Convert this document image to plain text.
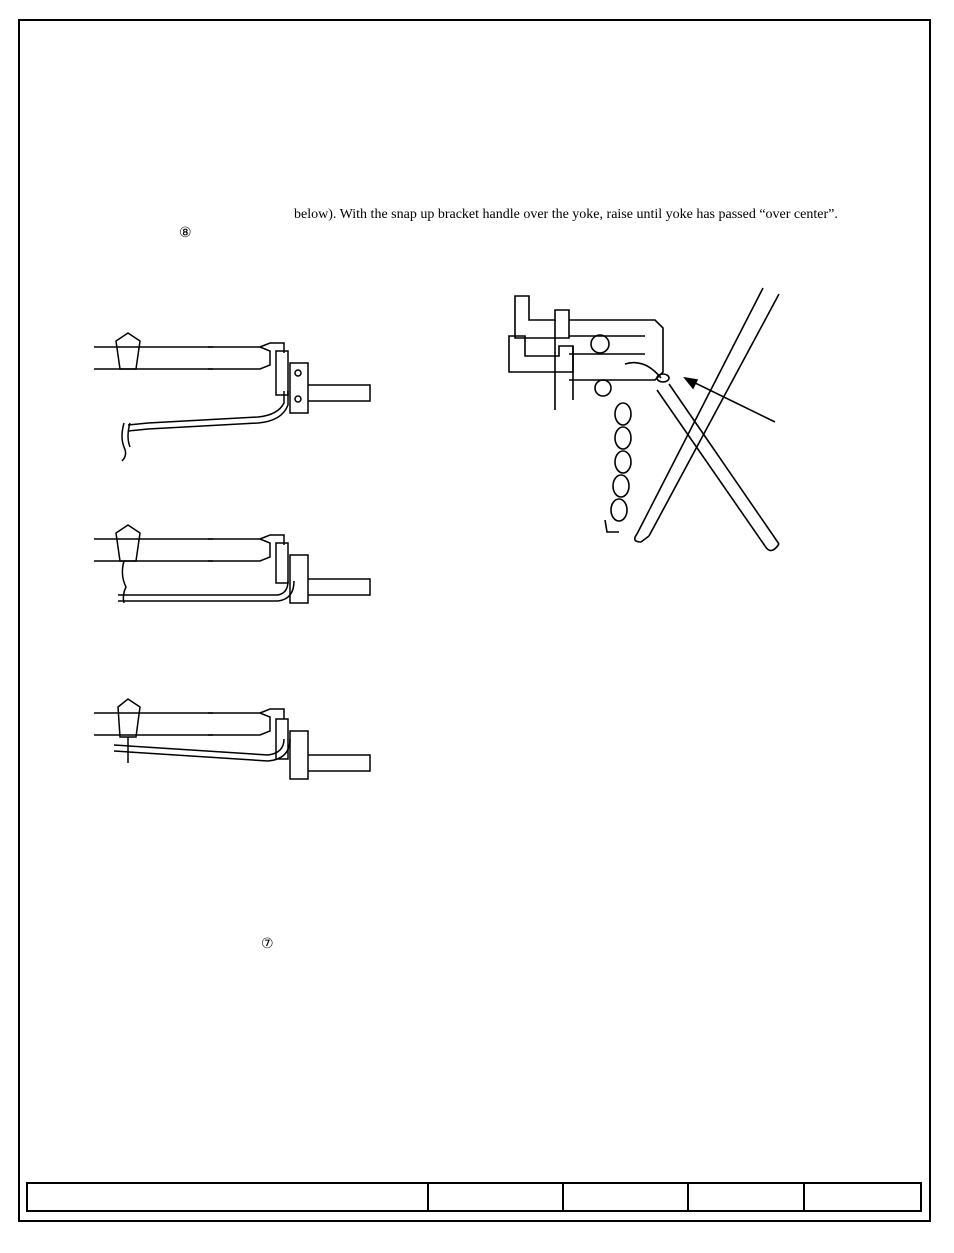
below). With the snap up bracket handle over the yoke, raise until yoke has passed “over center”.
⑧
⑦
